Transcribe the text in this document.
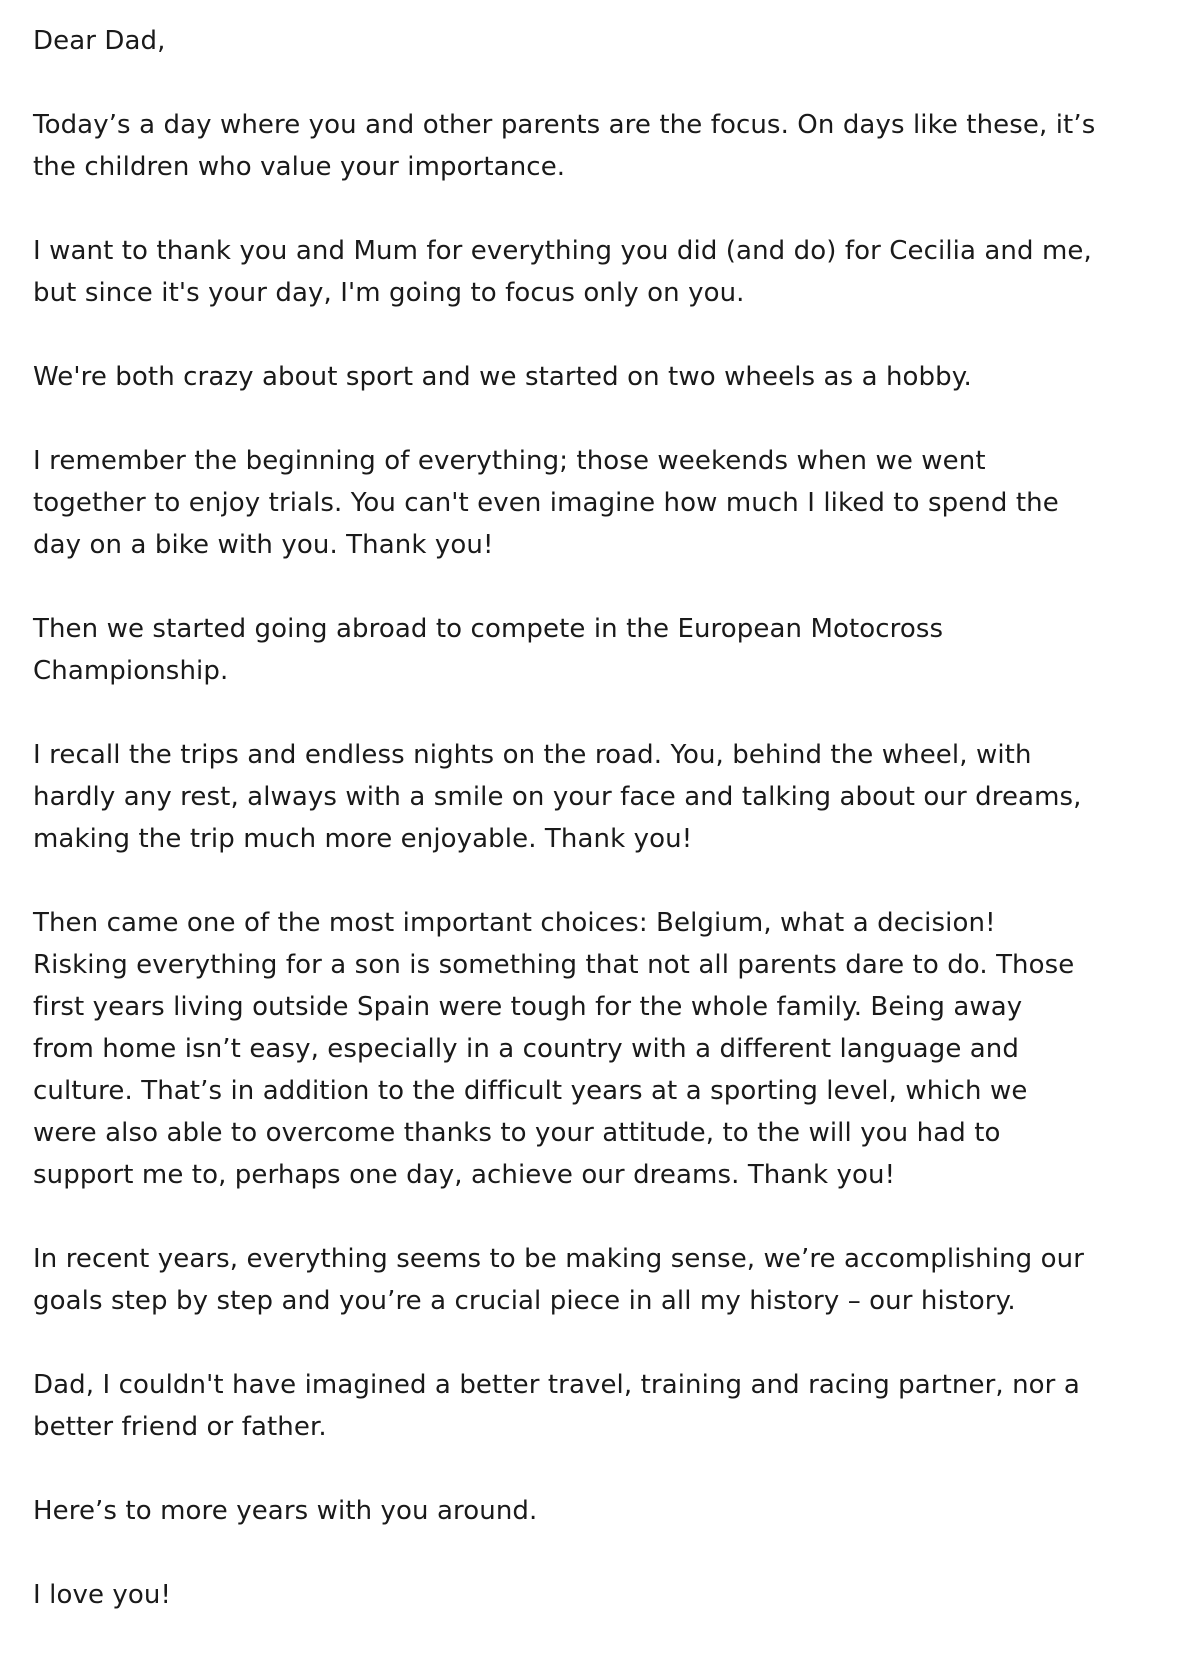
Dear Dad,

Today’s a day where you and other parents are the focus. On days like these, it’s
the children who value your importance.

I want to thank you and Mum for everything you did (and do) for Cecilia and me,
but since it's your day, I'm going to focus only on you.

We're both crazy about sport and we started on two wheels as a hobby.

I remember the beginning of everything; those weekends when we went
together to enjoy trials. You can't even imagine how much I liked to spend the
day on a bike with you. Thank you!

Then we started going abroad to compete in the European Motocross
Championship.

I recall the trips and endless nights on the road. You, behind the wheel, with
hardly any rest, always with a smile on your face and talking about our dreams,
making the trip much more enjoyable. Thank you!

Then came one of the most important choices: Belgium, what a decision!
Risking everything for a son is something that not all parents dare to do. Those
first years living outside Spain were tough for the whole family. Being away
from home isn’t easy, especially in a country with a different language and
culture. That’s in addition to the difficult years at a sporting level, which we
were also able to overcome thanks to your attitude, to the will you had to
support me to, perhaps one day, achieve our dreams. Thank you!

In recent years, everything seems to be making sense, we’re accomplishing our
goals step by step and you’re a crucial piece in all my history – our history.

Dad, I couldn't have imagined a better travel, training and racing partner, nor a
better friend or father.

Here’s to more years with you around.

I love you!
